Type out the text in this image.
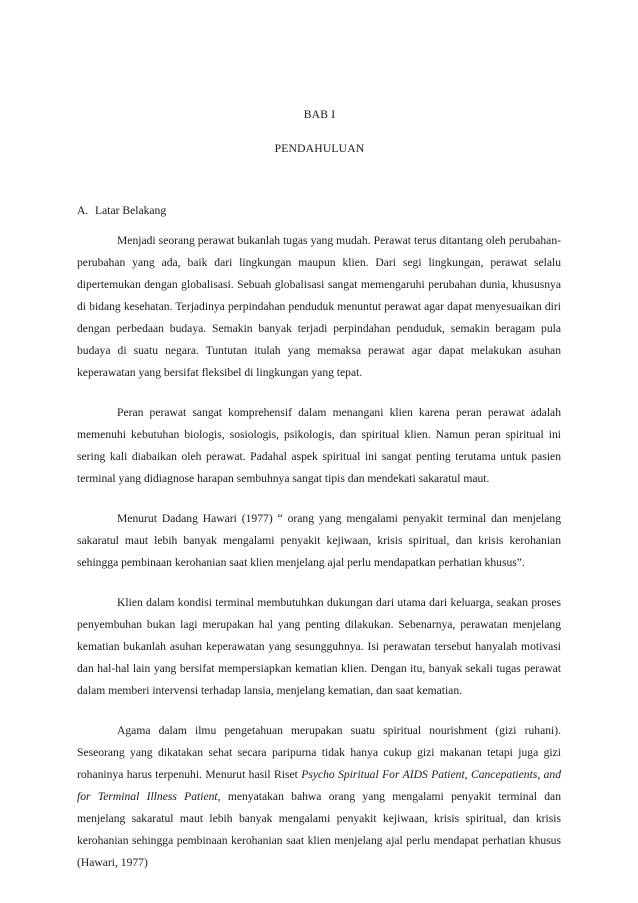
BAB I
PENDAHULUAN
A. Latar Belakang

Menjadi seorang perawat bukanlah tugas yang mudah. Perawat terus ditantang oleh perubahan-perubahan yang ada, baik dari lingkungan maupun klien. Dari segi lingkungan, perawat selalu dipertemukan dengan globalisasi. Sebuah globalisasi sangat memengaruhi perubahan dunia, khususnya di bidang kesehatan. Terjadinya perpindahan penduduk menuntut perawat agar dapat menyesuaikan diri dengan perbedaan budaya. Semakin banyak terjadi perpindahan penduduk, semakin beragam pula budaya di suatu negara. Tuntutan itulah yang memaksa perawat agar dapat melakukan asuhan keperawatan yang bersifat fleksibel di lingkungan yang tepat.

Peran perawat sangat komprehensif dalam menangani klien karena peran perawat adalah memenuhi kebutuhan biologis, sosiologis, psikologis, dan spiritual klien. Namun peran spiritual ini sering kali diabaikan oleh perawat. Padahal aspek spiritual ini sangat penting terutama untuk pasien terminal yang didiagnose harapan sembuhnya sangat tipis dan mendekati sakaratul maut.

Menurut Dadang Hawari (1977) “ orang yang mengalami penyakit terminal dan menjelang sakaratul maut lebih banyak mengalami penyakit kejiwaan, krisis spiritual, dan krisis kerohanian sehingga pembinaan kerohanian saat klien menjelang ajal perlu mendapatkan perhatian khusus”.

Klien dalam kondisi terminal membutuhkan dukungan dari utama dari keluarga, seakan proses penyembuhan bukan lagi merupakan hal yang penting dilakukan. Sebenarnya, perawatan menjelang kematian bukanlah asuhan keperawatan yang sesungguhnya. Isi perawatan tersebut hanyalah motivasi dan hal-hal lain yang bersifat mempersiapkan kematian klien. Dengan itu, banyak sekali tugas perawat dalam memberi intervensi terhadap lansia, menjelang kematian, dan saat kematian.

Agama dalam ilmu pengetahuan merupakan suatu spiritual nourishment (gizi ruhani). Seseorang yang dikatakan sehat secara paripurna tidak hanya cukup gizi makanan tetapi juga gizi rohaninya harus terpenuhi. Menurut hasil Riset Psycho Spiritual For AIDS Patient, Cancepatients, and for Terminal Illness Patient, menyatakan bahwa orang yang mengalami penyakit terminal dan menjelang sakaratul maut lebih banyak mengalami penyakit kejiwaan, krisis spiritual, dan krisis kerohanian sehingga pembinaan kerohanian saat klien menjelang ajal perlu mendapat perhatian khusus (Hawari, 1977)
